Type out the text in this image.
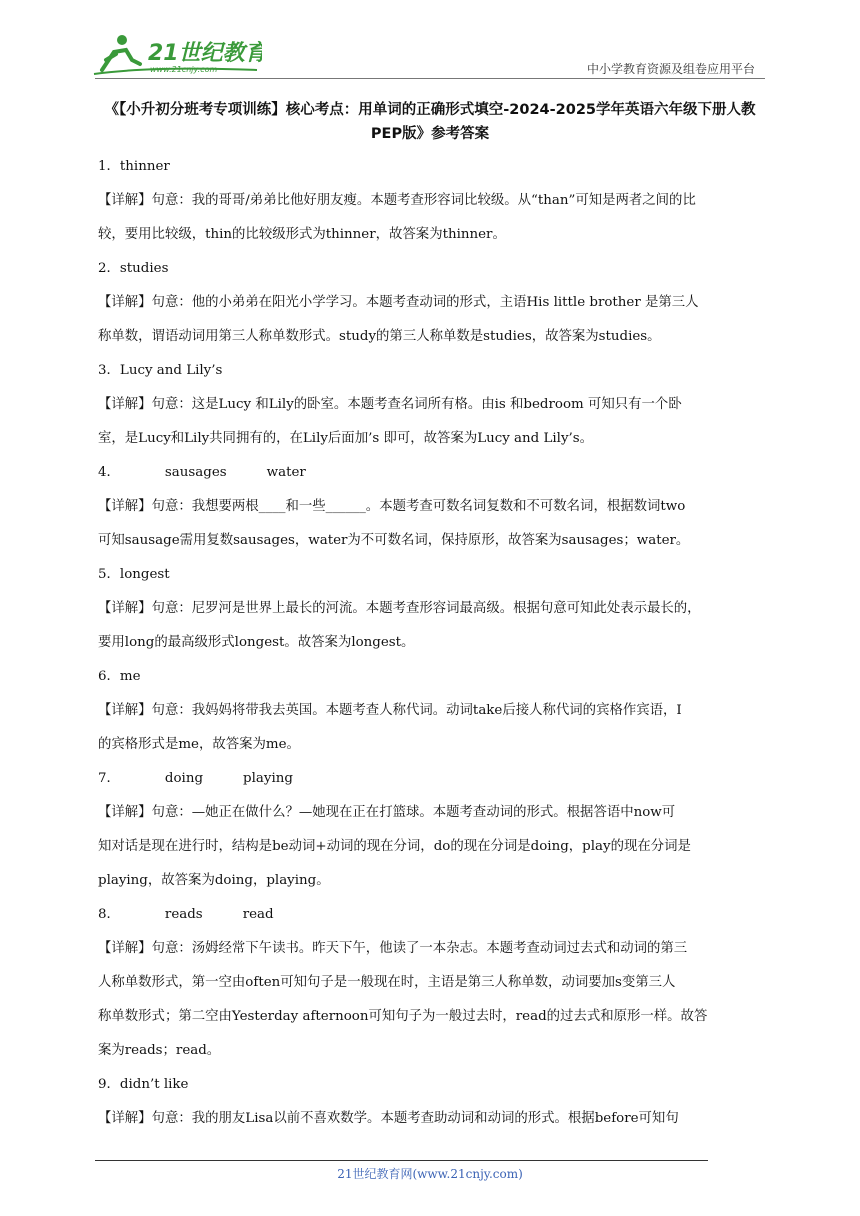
21世纪教育
www.21cnjy.com	中小学教育资源及组卷应用平台
《【小升初分班考专项训练】核心考点：用单词的正确形式填空-2024-2025学年英语六年级下册人教
PEP版》参考答案

1．thinner

【详解】句意：我的哥哥/弟弟比他好朋友瘦。本题考查形容词比较级。从“than”可知是两者之间的比

较，要用比较级，thin的比较级形式为thinner，故答案为thinner。

2．studies

【详解】句意：他的小弟弟在阳光小学学习。本题考查动词的形式，主语His little brother 是第三人

称单数，谓语动词用第三人称单数形式。study的第三人称单数是studies，故答案为studies。

3．Lucy and Lily’s

【详解】句意：这是Lucy 和Lily的卧室。本题考查名词所有格。由is 和bedroom 可知只有一个卧

室，是Lucy和Lily共同拥有的，在Lily后面加’s 即可，故答案为Lucy and Lily’s。

4．	sausages	water

【详解】句意：我想要两根____和一些______。本题考查可数名词复数和不可数名词，根据数词two

可知sausage需用复数sausages，water为不可数名词，保持原形，故答案为sausages；water。

5．longest

【详解】句意：尼罗河是世界上最长的河流。本题考查形容词最高级。根据句意可知此处表示最长的，

要用long的最高级形式longest。故答案为longest。

6．me

【详解】句意：我妈妈将带我去英国。本题考查人称代词。动词take后接人称代词的宾格作宾语，I

的宾格形式是me，故答案为me。

7．	doing	playing

【详解】句意：—她正在做什么？—她现在正在打篮球。本题考查动词的形式。根据答语中now可

知对话是现在进行时，结构是be动词+动词的现在分词，do的现在分词是doing，play的现在分词是

playing，故答案为doing，playing。

8．	reads	read

【详解】句意：汤姆经常下午读书。昨天下午，他读了一本杂志。本题考查动词过去式和动词的第三

人称单数形式，第一空由often可知句子是一般现在时，主语是第三人称单数，动词要加s变第三人

称单数形式；第二空由Yesterday afternoon可知句子为一般过去时，read的过去式和原形一样。故答

案为reads；read。

9．didn’t like

【详解】句意：我的朋友Lisa以前不喜欢数学。本题考查助动词和动词的形式。根据before可知句

21世纪教育网(www.21cnjy.com)
